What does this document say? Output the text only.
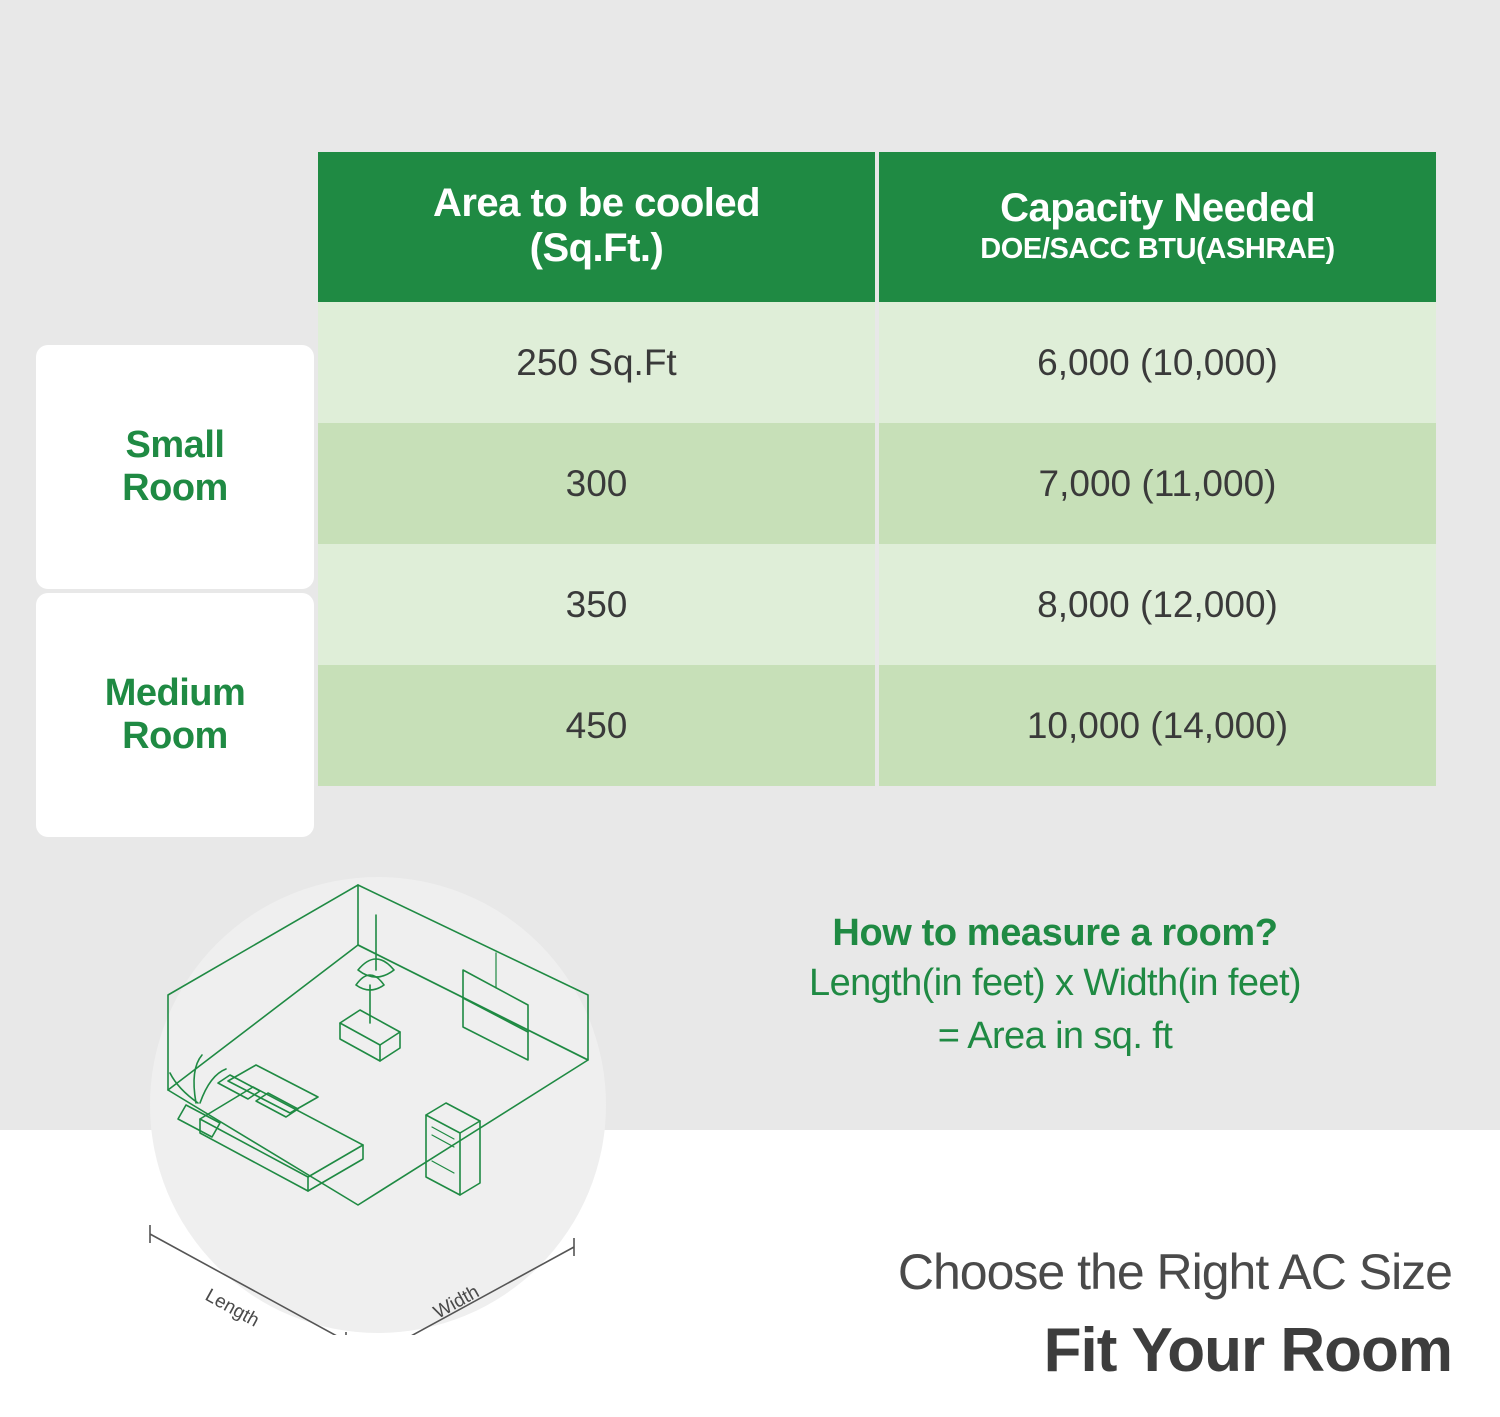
Area to be cooled
(Sq.Ft.)

Capacity Needed
DOE/SACC BTU(ASHRAE)

250 Sq.Ft	6,000 (10,000)
300	7,000 (11,000)
350	8,000 (12,000)
450	10,000 (14,000)
Small
Room
Medium
Room
How to measure a room?
Length(in feet) x Width(in feet)
= Area in sq. ft
Length	Width
Choose the Right AC Size
Fit Your Room
